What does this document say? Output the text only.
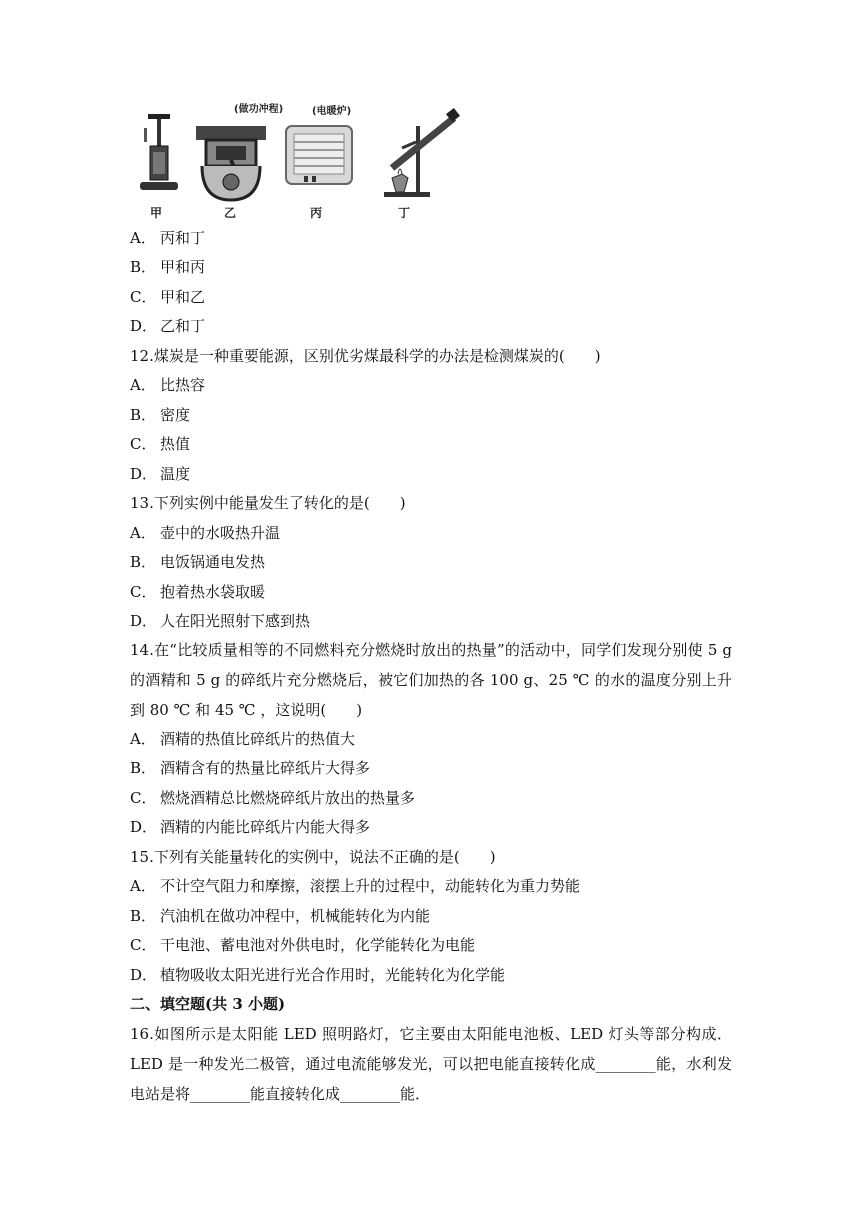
甲
(做功冲程)
乙
(电暖炉)
丙	丁
A． 丙和丁
B． 甲和丙
C． 甲和乙
D． 乙和丁
12.煤炭是一种重要能源，区别优劣煤最科学的办法是检测煤炭的(　　)
A． 比热容
B． 密度
C． 热值
D． 温度
13.下列实例中能量发生了转化的是(　　)
A． 壶中的水吸热升温
B． 电饭锅通电发热
C． 抱着热水袋取暖
D． 人在阳光照射下感到热
14.在“比较质量相等的不同燃料充分燃烧时放出的热量”的活动中，同学们发现分别使 5 g 的酒精和 5 g 的碎纸片充分燃烧后，被它们加热的各 100 g、25 ℃ 的水的温度分别上升到 80 ℃ 和 45 ℃ ，这说明(　　)
A． 酒精的热值比碎纸片的热值大
B． 酒精含有的热量比碎纸片大得多
C． 燃烧酒精总比燃烧碎纸片放出的热量多
D． 酒精的内能比碎纸片内能大得多
15.下列有关能量转化的实例中，说法不正确的是(　　)
A． 不计空气阻力和摩擦，滚摆上升的过程中，动能转化为重力势能
B． 汽油机在做功冲程中，机械能转化为内能
C． 干电池、蓄电池对外供电时，化学能转化为电能
D． 植物吸收太阳光进行光合作用时，光能转化为化学能
二、填空题(共 3 小题)
16.如图所示是太阳能 LED 照明路灯，它主要由太阳能电池板、LED 灯头等部分构成．LED 是一种发光二极管，通过电流能够发光，可以把电能直接转化成________能，水利发电站是将________能直接转化成________能．
